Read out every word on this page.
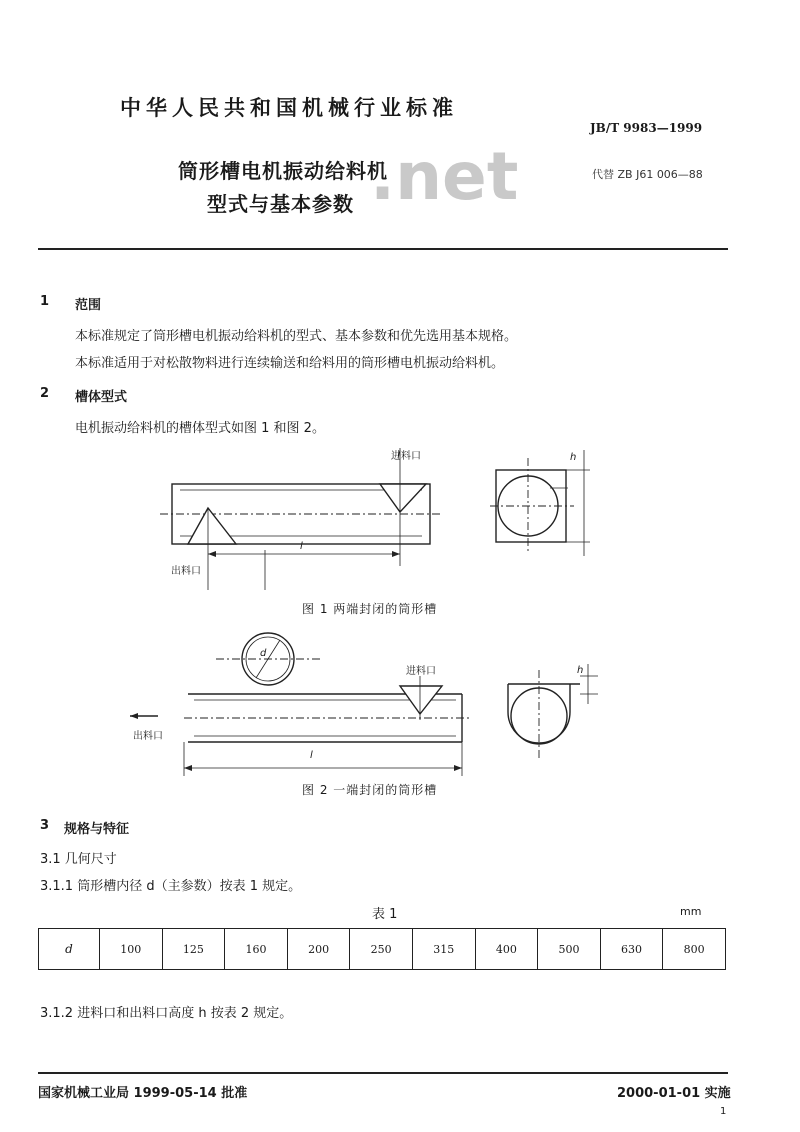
中华人民共和国机械行业标准
JB/T 9983—1999
.net
筒形槽电机振动给料机
型式与基本参数
代替 ZB J61 006—88
1 范围
本标准规定了筒形槽电机振动给料机的型式、基本参数和优先选用基本规格。
本标准适用于对松散物料进行连续输送和给料用的筒形槽电机振动给料机。
2 槽体型式
电机振动给料机的槽体型式如图 1 和图 2。
进料口
出料口
l
h
图 1 两端封闭的筒形槽
d
进料口
出料口
l
h
图 2 一端封闭的筒形槽
3 规格与特征
3.1 几何尺寸
3.1.1 筒形槽内径 d（主参数）按表 1 规定。
表 1	mm
d	100	125	160	200	250	315	400	500	630	800
3.1.2 进料口和出料口高度 h 按表 2 规定。
国家机械工业局 1999-05-14 批准	2000-01-01 实施
1
